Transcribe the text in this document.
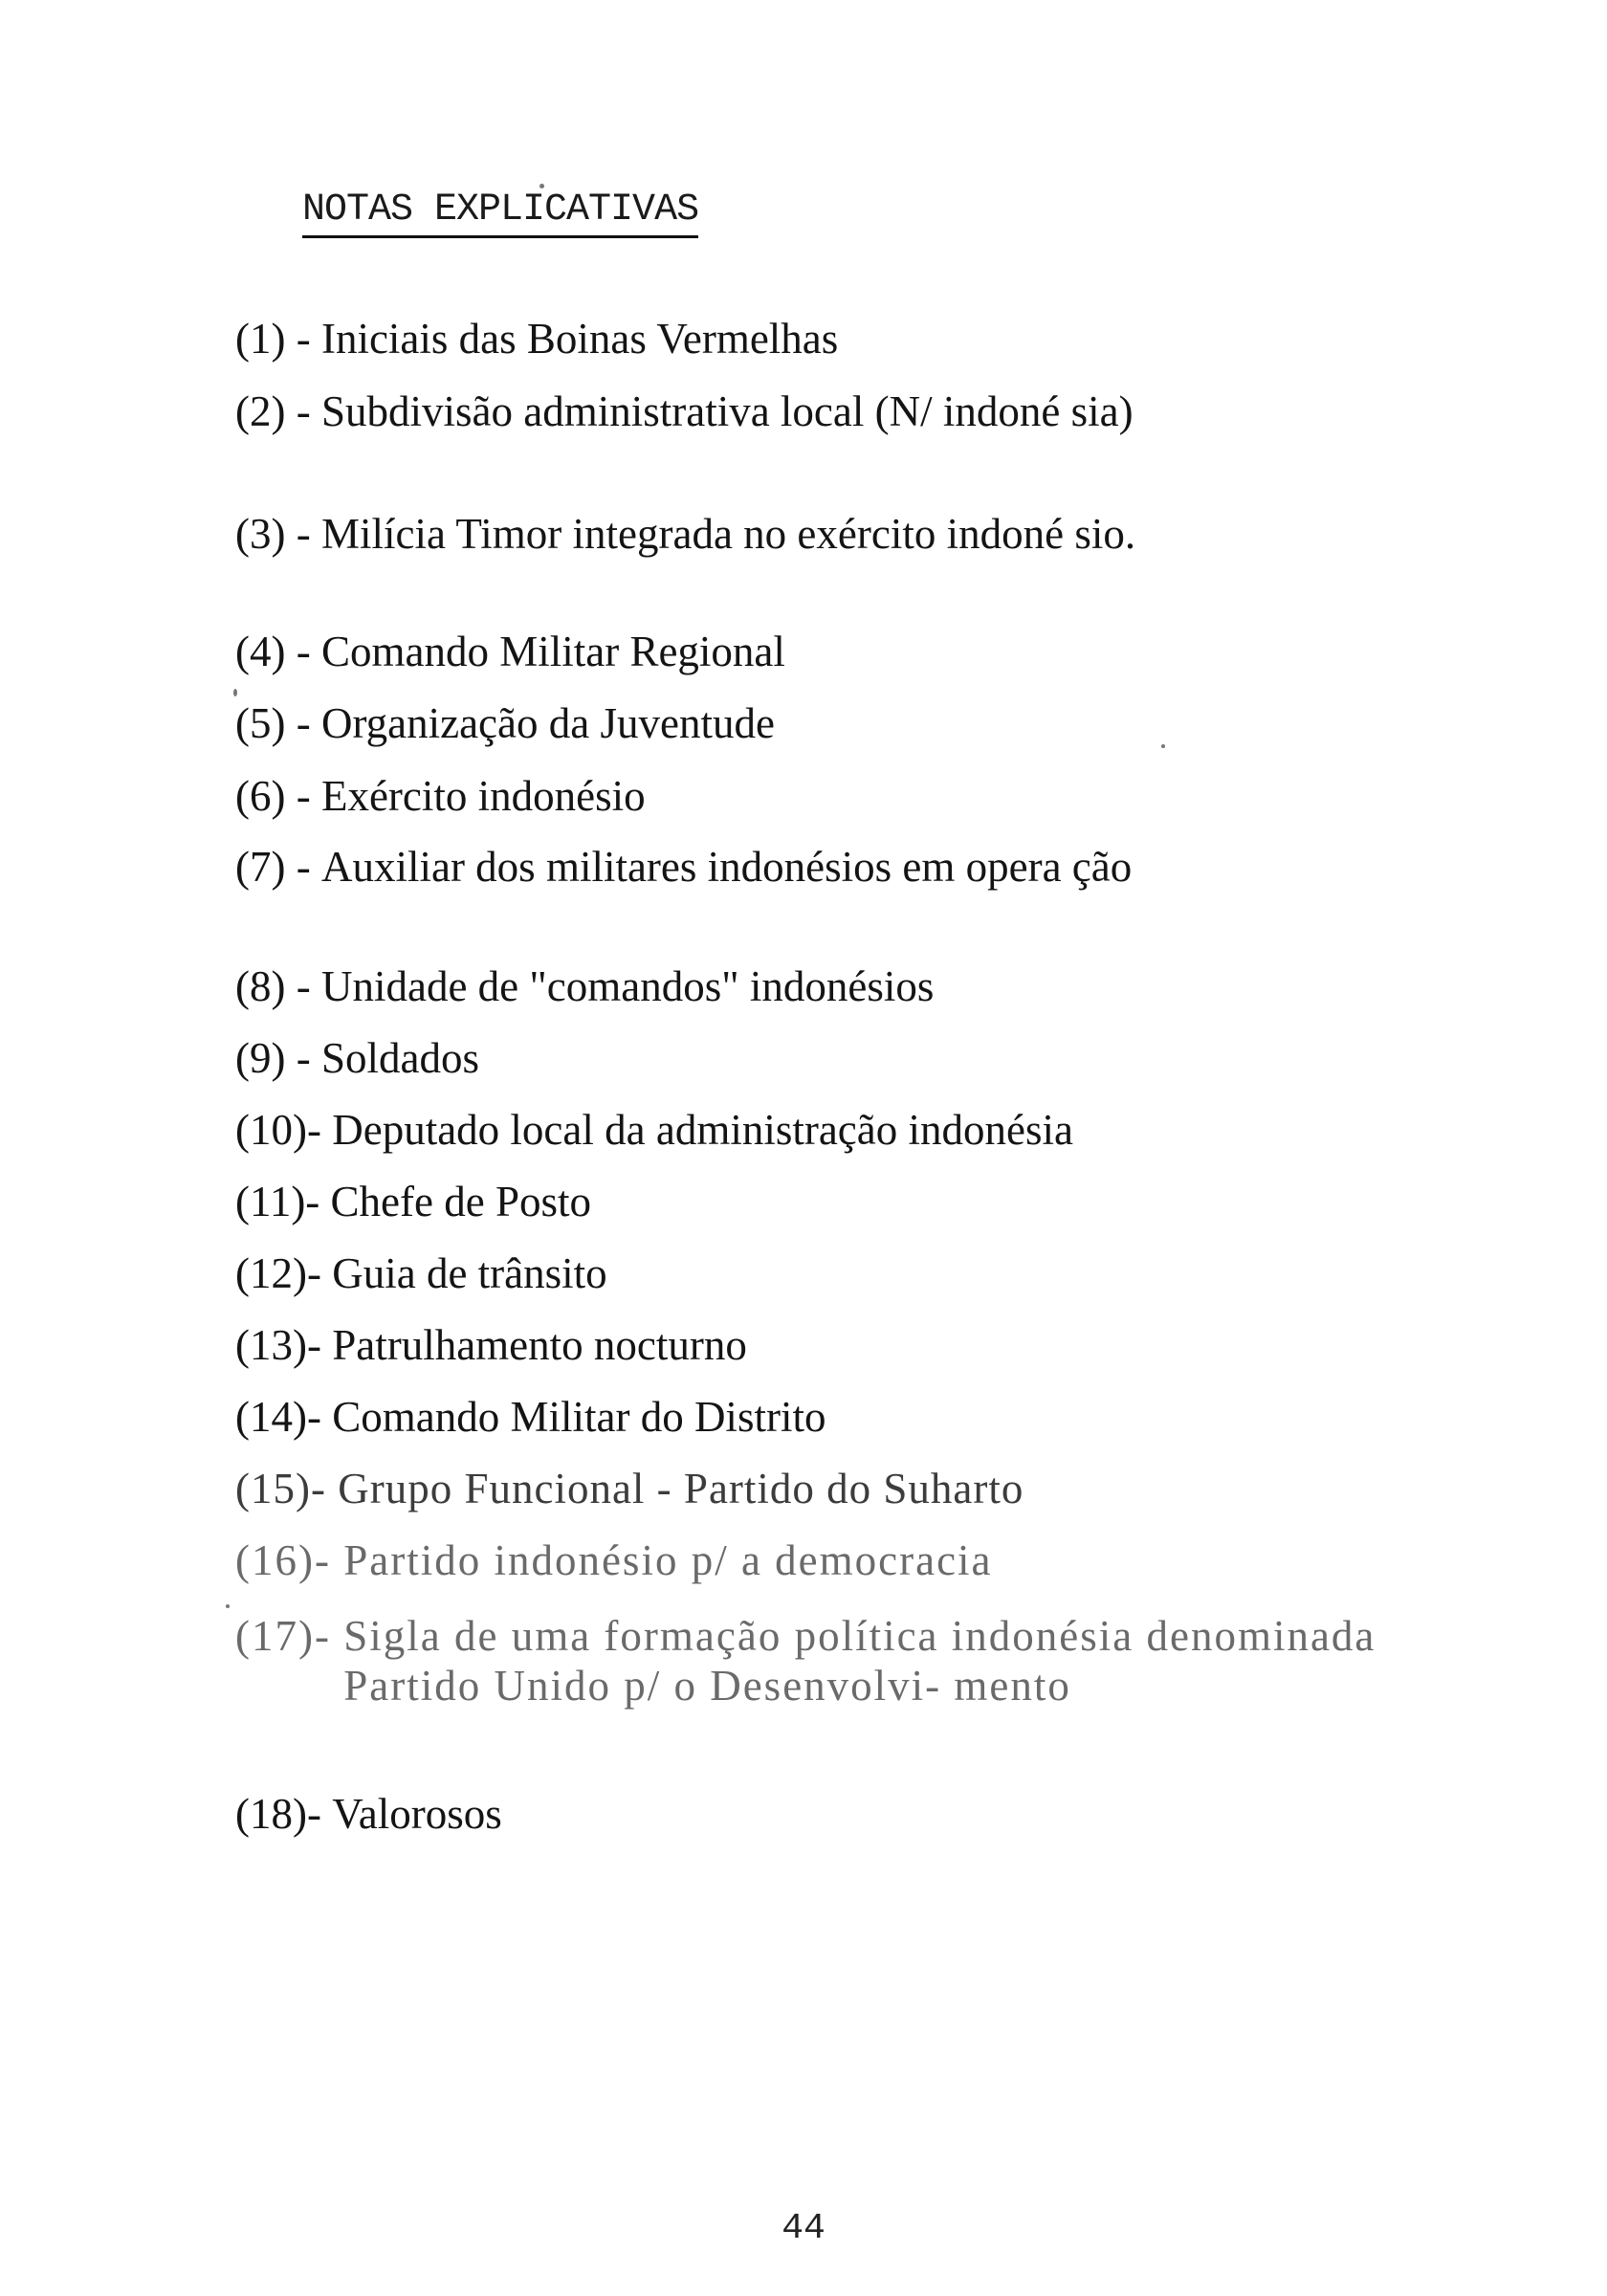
NOTAS EXPLICATIVAS
(1) - Iniciais das Boinas Vermelhas
(2) - Subdivisão administrativa local (N/ indoné sia)
(3) - Milícia Timor integrada no exército indoné sio.
(4) - Comando Militar Regional
(5) - Organização da Juventude
(6) - Exército indonésio
(7) - Auxiliar dos militares indonésios em opera ção
(8) - Unidade de "comandos" indonésios
(9) - Soldados
(10)- Deputado local da administração indonésia
(11)- Chefe de Posto
(12)- Guia de trânsito
(13)- Patrulhamento nocturno
(14)- Comando Militar do Distrito
(15)- Grupo Funcional - Partido do Suharto
(16)- Partido indonésio p/ a democracia
(17)- Sigla de uma formação política indonésia denominada Partido Unido p/ o Desenvolvi- mento
(18)- Valorosos
44
